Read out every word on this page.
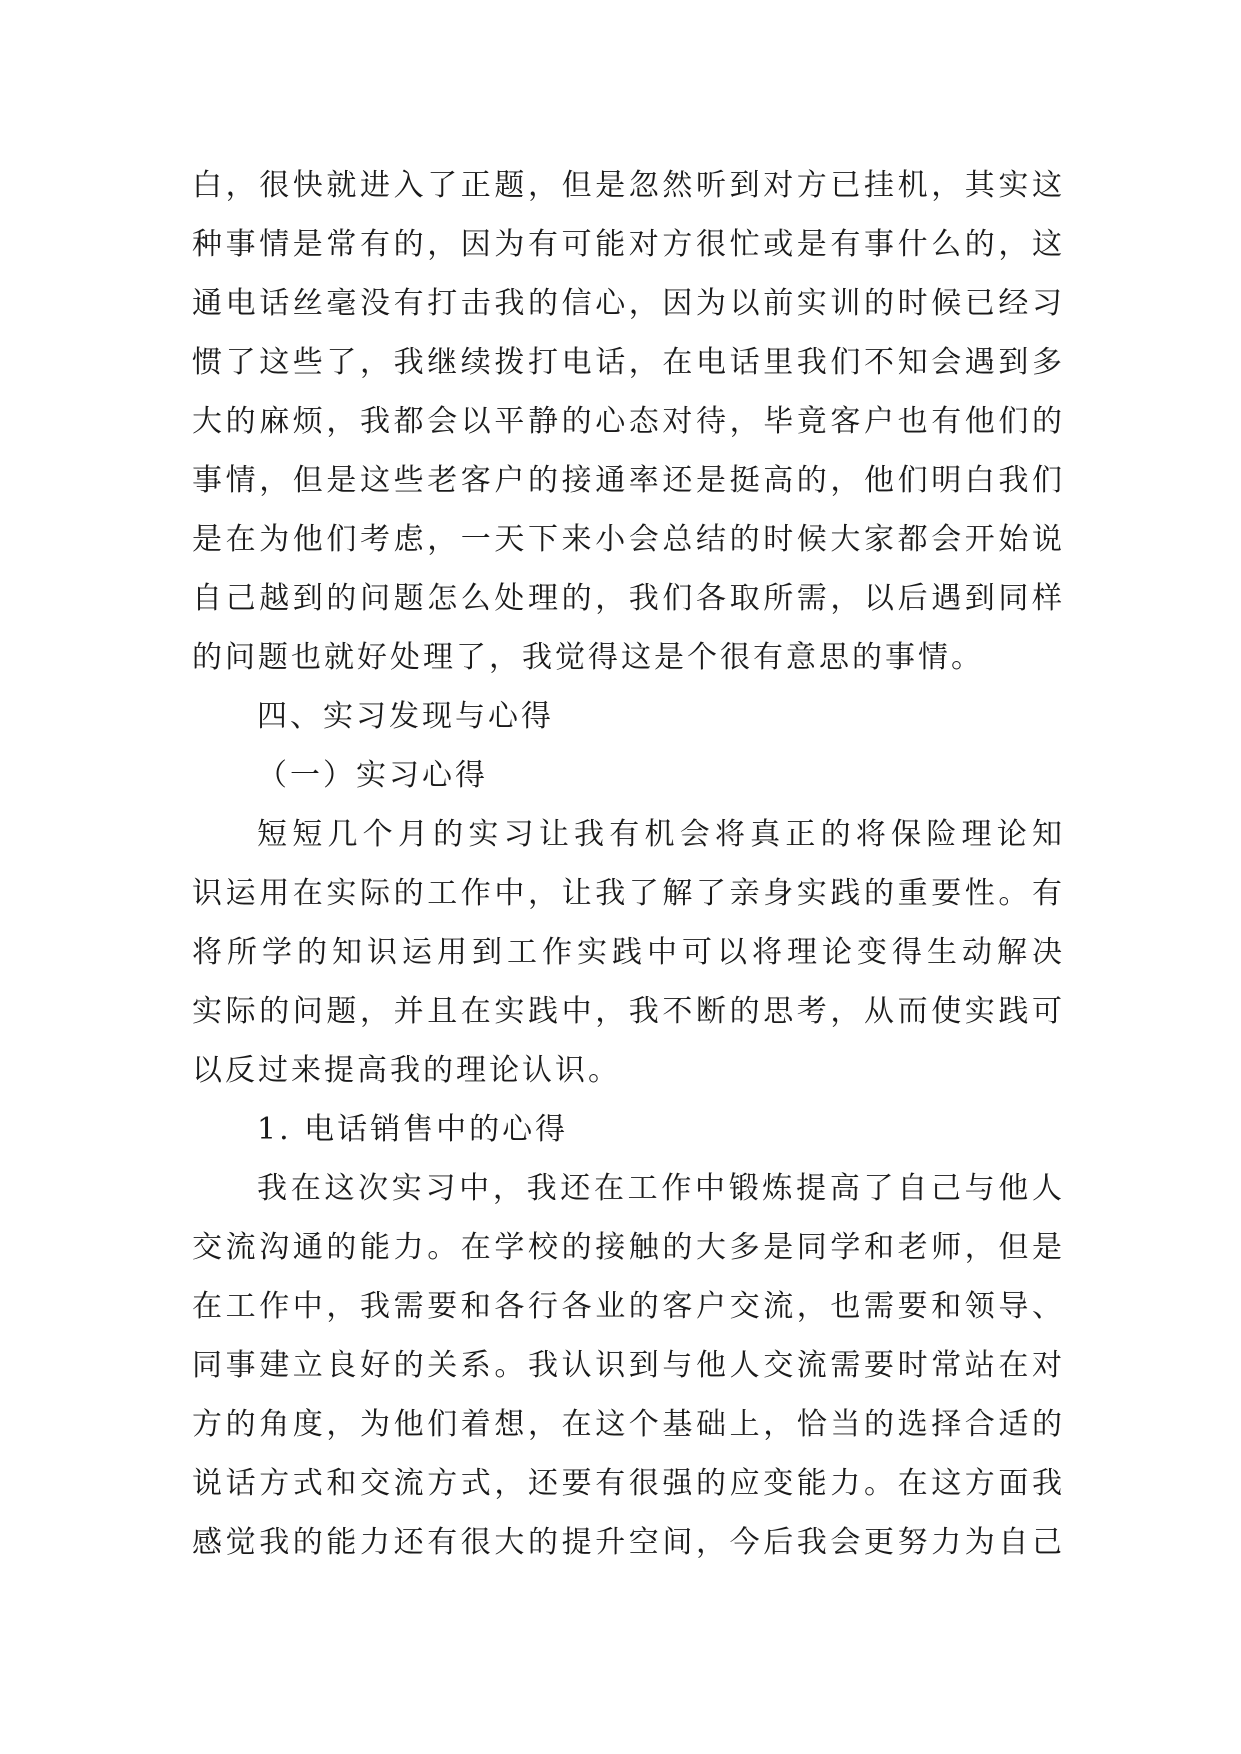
白，很快就进入了正题，但是忽然听到对方已挂机，其实这
种事情是常有的，因为有可能对方很忙或是有事什么的，这
通电话丝毫没有打击我的信心，因为以前实训的时候已经习
惯了这些了，我继续拨打电话，在电话里我们不知会遇到多
大的麻烦，我都会以平静的心态对待，毕竟客户也有他们的
事情，但是这些老客户的接通率还是挺高的，他们明白我们
是在为他们考虑，一天下来小会总结的时候大家都会开始说
自己越到的问题怎么处理的，我们各取所需，以后遇到同样
的问题也就好处理了，我觉得这是个很有意思的事情。
四、实习发现与心得
（一）实习心得
短短几个月的实习让我有机会将真正的将保险理论知
识运用在实际的工作中，让我了解了亲身实践的重要性。有
将所学的知识运用到工作实践中可以将理论变得生动解决
实际的问题，并且在实践中，我不断的思考，从而使实践可
以反过来提高我的理论认识。
1. 电话销售中的心得
我在这次实习中，我还在工作中锻炼提高了自己与他人
交流沟通的能力。在学校的接触的大多是同学和老师，但是
在工作中，我需要和各行各业的客户交流，也需要和领导、
同事建立良好的关系。我认识到与他人交流需要时常站在对
方的角度，为他们着想，在这个基础上，恰当的选择合适的
说话方式和交流方式，还要有很强的应变能力。在这方面我
感觉我的能力还有很大的提升空间，今后我会更努力为自己
